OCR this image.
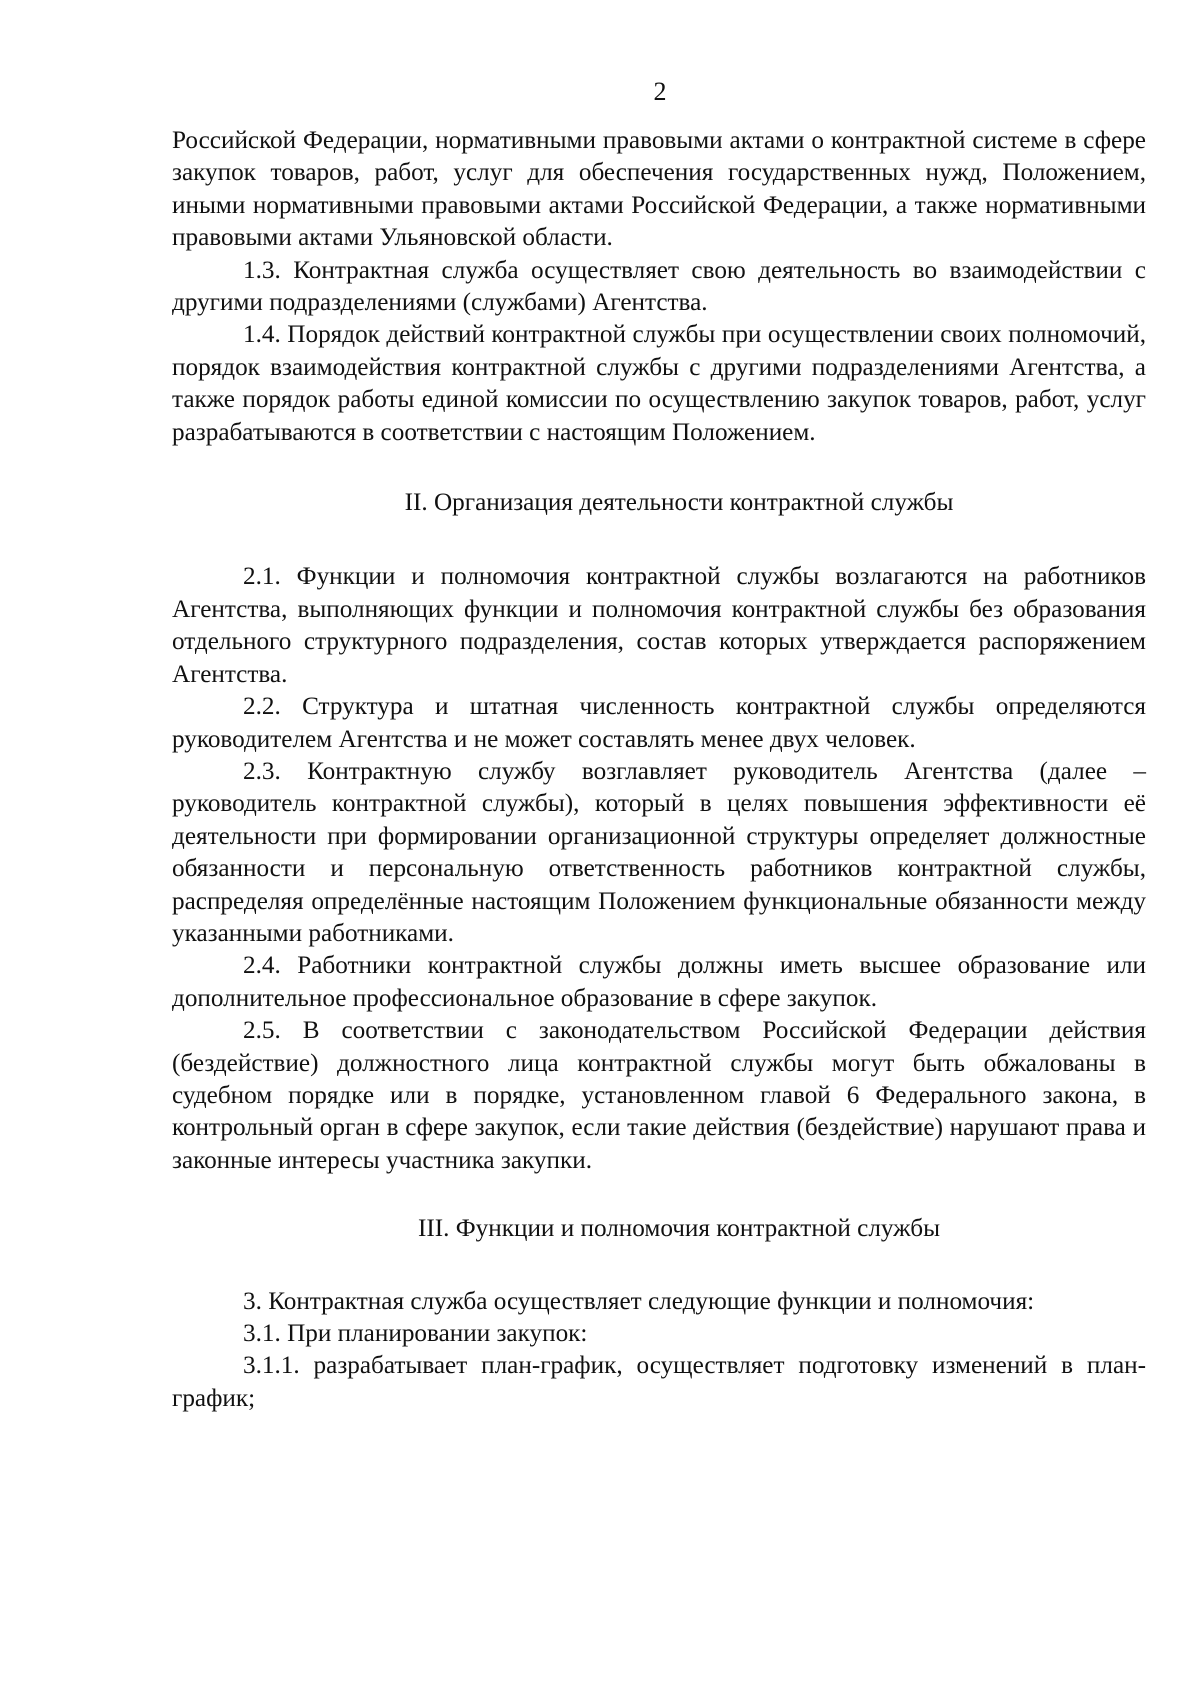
2

Российской Федерации, нормативными правовыми актами о контрактной системе в сфере закупок товаров, работ, услуг для обеспечения государственных нужд, Положением, иными нормативными правовыми актами Российской Федерации, а также нормативными правовыми актами Ульяновской области.

1.3. Контрактная служба осуществляет свою деятельность во взаимодействии с другими подразделениями (службами) Агентства.

1.4. Порядок действий контрактной службы при осуществлении своих полномочий, порядок взаимодействия контрактной службы с другими подразделениями Агентства, а также порядок работы единой комиссии по осуществлению закупок товаров, работ, услуг разрабатываются в соответствии с настоящим Положением.

II. Организация деятельности контрактной службы

2.1. Функции и полномочия контрактной службы возлагаются на работников Агентства, выполняющих функции и полномочия контрактной службы без образования отдельного структурного подразделения, состав которых утверждается распоряжением Агентства.

2.2. Структура и штатная численность контрактной службы определяются руководителем Агентства и не может составлять менее двух человек.

2.3. Контрактную службу возглавляет руководитель Агентства (далее – руководитель контрактной службы), который в целях повышения эффективности её деятельности при формировании организационной структуры определяет должностные обязанности и персональную ответственность работников контрактной службы, распределяя определённые настоящим Положением функциональные обязанности между указанными работниками.

2.4. Работники контрактной службы должны иметь высшее образование или дополнительное профессиональное образование в сфере закупок.

2.5. В соответствии с законодательством Российской Федерации действия (бездействие) должностного лица контрактной службы могут быть обжалованы в судебном порядке или в порядке, установленном главой 6 Федерального закона, в контрольный орган в сфере закупок, если такие действия (бездействие) нарушают права и законные интересы участника закупки.

III. Функции и полномочия контрактной службы

3. Контрактная служба осуществляет следующие функции и полномочия:

3.1. При планировании закупок:

3.1.1. разрабатывает план-график, осуществляет подготовку изменений в план-график;
